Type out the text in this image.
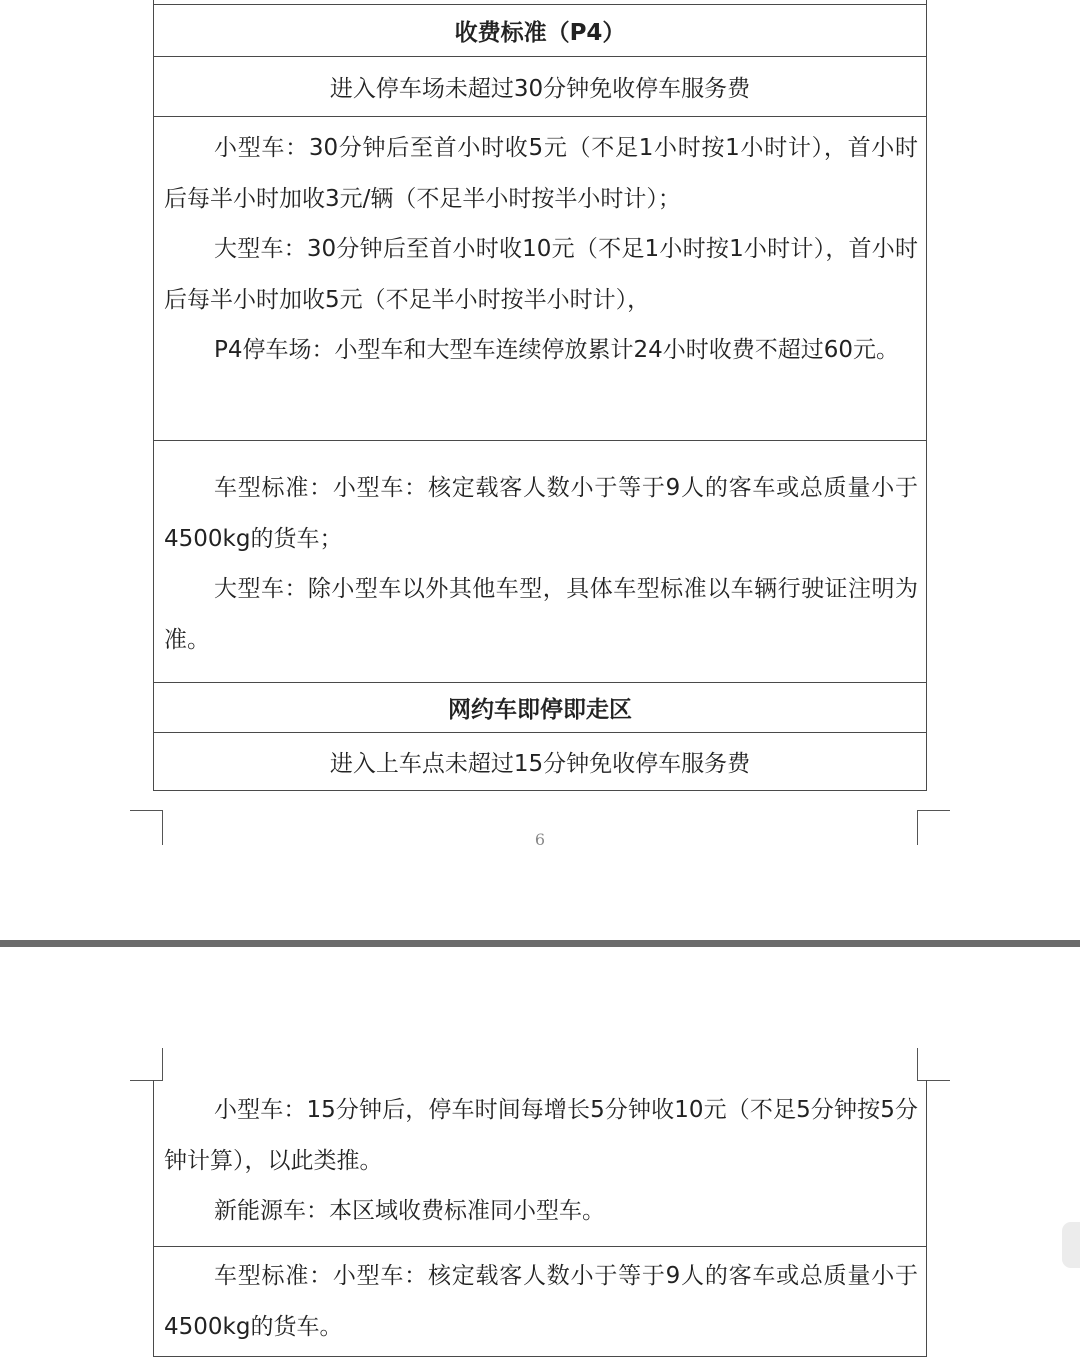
收费标准（P4）
进入停车场未超过30分钟免收停车服务费

小型车：30分钟后至首小时收5元（不足1小时按1小时计），首小时后每半小时加收3元/辆（不足半小时按半小时计）；

大型车：30分钟后至首小时收10元（不足1小时按1小时计），首小时后每半小时加收5元（不足半小时按半小时计），

P4停车场：小型车和大型车连续停放累计24小时收费不超过60元。

车型标准：小型车：核定载客人数小于等于9人的客车或总质量小于4500kg的货车；

大型车：除小型车以外其他车型，具体车型标准以车辆行驶证注明为准。

网约车即停即走区
进入上车点未超过15分钟免收停车服务费
6

小型车：15分钟后，停车时间每增长5分钟收10元（不足5分钟按5分钟计算），以此类推。

新能源车：本区域收费标准同小型车。

车型标准：小型车：核定载客人数小于等于9人的客车或总质量小于4500kg的货车。
